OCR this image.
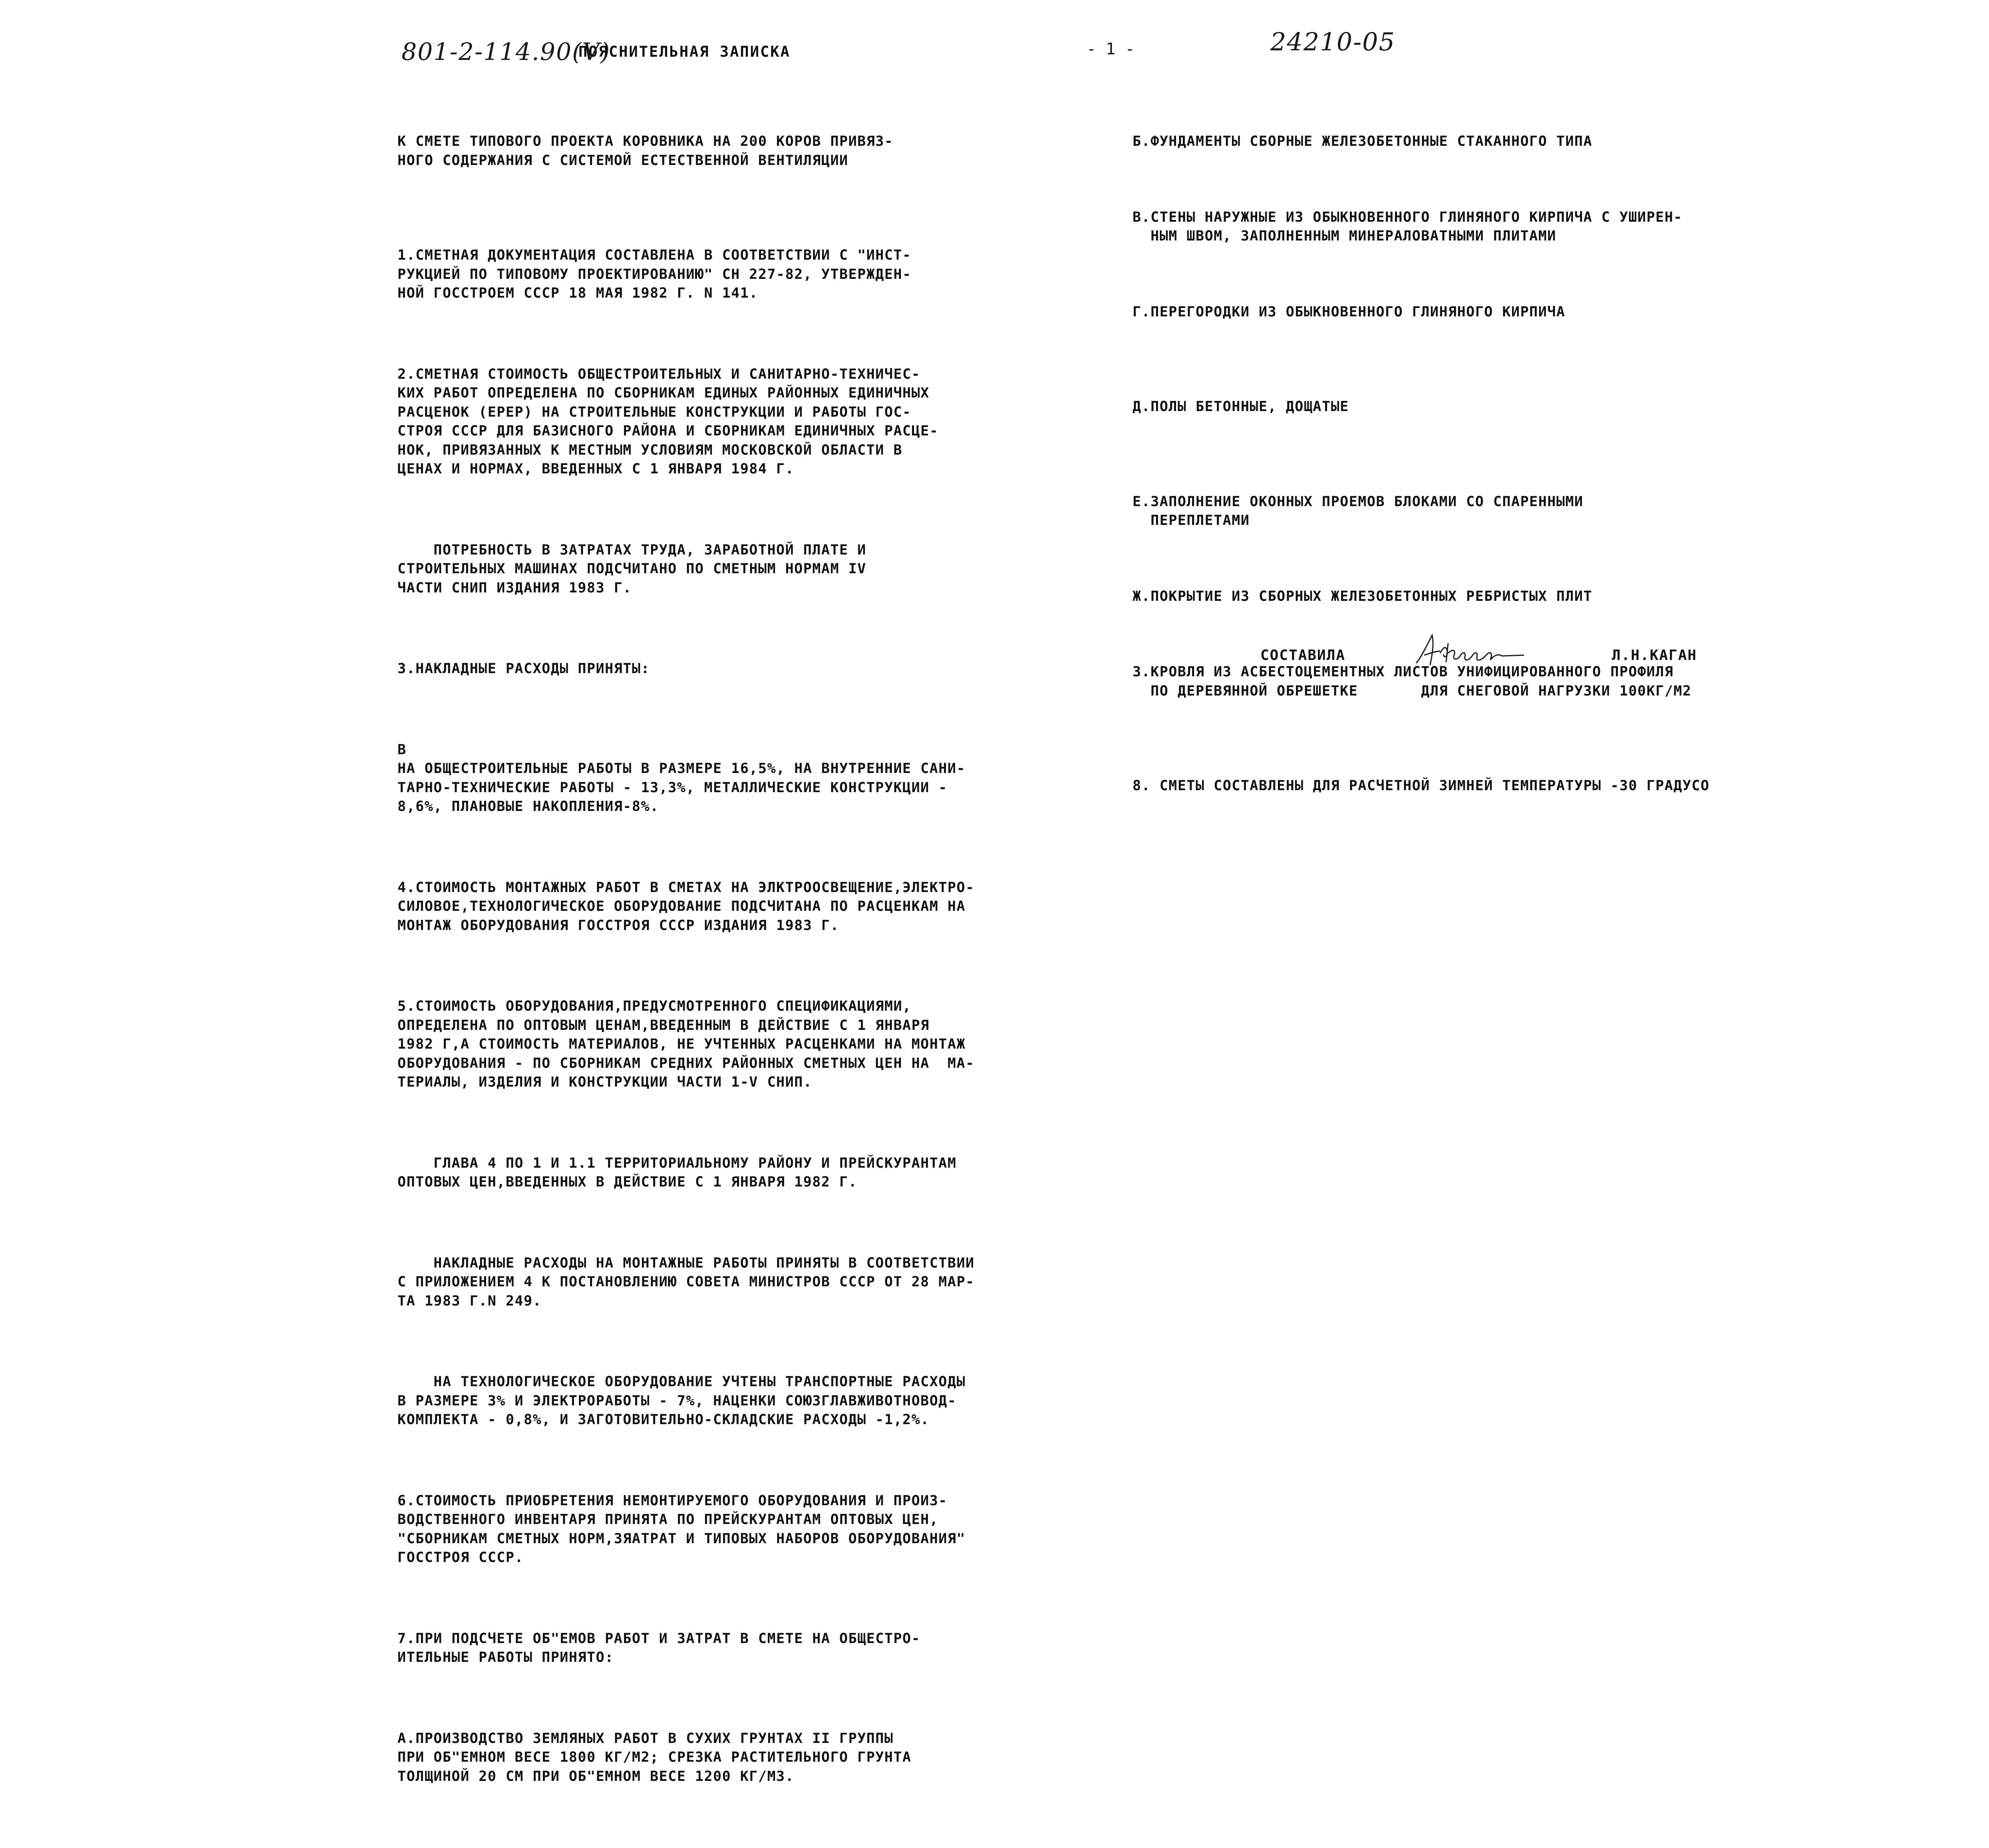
801-2-114.90(V)
ПОЯСНИТЕЛЬНАЯ ЗАПИСКА	- 1 -	24210-05

К СМЕТЕ ТИПОВОГО ПРОЕКТА КОРОВНИКА НА 200 КОРОВ ПРИВЯЗ-
НОГО СОДЕРЖАНИЯ С СИСТЕМОЙ ЕСТЕСТВЕННОЙ ВЕНТИЛЯЦИИ

1.СМЕТНАЯ ДОКУМЕНТАЦИЯ СОСТАВЛЕНА В СООТВЕТСТВИИ С "ИНСТ-
РУКЦИЕЙ ПО ТИПОВОМУ ПРОЕКТИРОВАНИЮ" СН 227-82, УТВЕРЖДЕН-
НОЙ ГОССТРОЕМ СССР 18 МАЯ 1982 Г. N 141.

2.СМЕТНАЯ СТОИМОСТЬ ОБЩЕСТРОИТЕЛЬНЫХ И САНИТАРНО-ТЕХНИЧЕС-
КИХ РАБОТ ОПРЕДЕЛЕНА ПО СБОРНИКАМ ЕДИНЫХ РАЙОННЫХ ЕДИНИЧНЫХ
РАСЦЕНОК (ЕРЕР) НА СТРОИТЕЛЬНЫЕ КОНСТРУКЦИИ И РАБОТЫ ГОС-
СТРОЯ СССР ДЛЯ БАЗИСНОГО РАЙОНА И СБОРНИКАМ ЕДИНИЧНЫХ РАСЦЕ-
НОК, ПРИВЯЗАННЫХ К МЕСТНЫМ УСЛОВИЯМ МОСКОВСКОЙ ОБЛАСТИ В
ЦЕНАХ И НОРМАХ, ВВЕДЕННЫХ С 1 ЯНВАРЯ 1984 Г.

ПОТРЕБНОСТЬ В ЗАТРАТАХ ТРУДА, ЗАРАБОТНОЙ ПЛАТЕ И
СТРОИТЕЛЬНЫХ МАШИНАХ ПОДСЧИТАНО ПО СМЕТНЫМ НОРМАМ IV
ЧАСТИ СНИП ИЗДАНИЯ 1983 Г.

3.НАКЛАДНЫЕ РАСХОДЫ ПРИНЯТЫ:

В
НА ОБЩЕСТРОИТЕЛЬНЫЕ РАБОТЫ В РАЗМЕРЕ 16,5%, НА ВНУТРЕННИЕ САНИ-
ТАРНО-ТЕХНИЧЕСКИЕ РАБОТЫ - 13,3%, МЕТАЛЛИЧЕСКИЕ КОНСТРУКЦИИ -
8,6%, ПЛАНОВЫЕ НАКОПЛЕНИЯ-8%.

4.СТОИМОСТЬ МОНТАЖНЫХ РАБОТ В СМЕТАХ НА ЭЛКТРООСВЕЩЕНИЕ,ЭЛЕКТРО-
СИЛОВОЕ,ТЕХНОЛОГИЧЕСКОЕ ОБОРУДОВАНИЕ ПОДСЧИТАНА ПО РАСЦЕНКАМ НА
МОНТАЖ ОБОРУДОВАНИЯ ГОССТРОЯ СССР ИЗДАНИЯ 1983 Г.

5.СТОИМОСТЬ ОБОРУДОВАНИЯ,ПРЕДУСМОТРЕННОГО СПЕЦИФИКАЦИЯМИ,
ОПРЕДЕЛЕНА ПО ОПТОВЫМ ЦЕНАМ,ВВЕДЕННЫМ В ДЕЙСТВИЕ С 1 ЯНВАРЯ
1982 Г,А СТОИМОСТЬ МАТЕРИАЛОВ, НЕ УЧТЕННЫХ РАСЦЕНКАМИ НА МОНТАЖ
ОБОРУДОВАНИЯ - ПО СБОРНИКАМ СРЕДНИХ РАЙОННЫХ СМЕТНЫХ ЦЕН НА  МА-
ТЕРИАЛЫ, ИЗДЕЛИЯ И КОНСТРУКЦИИ ЧАСТИ 1-V СНИП.

ГЛАВА 4 ПО 1 И 1.1 ТЕРРИТОРИАЛЬНОМУ РАЙОНУ И ПРЕЙСКУРАНТАМ
ОПТОВЫХ ЦЕН,ВВЕДЕННЫХ В ДЕЙСТВИЕ С 1 ЯНВАРЯ 1982 Г.

НАКЛАДНЫЕ РАСХОДЫ НА МОНТАЖНЫЕ РАБОТЫ ПРИНЯТЫ В СООТВЕТСТВИИ
С ПРИЛОЖЕНИЕМ 4 К ПОСТАНОВЛЕНИЮ СОВЕТА МИНИСТРОВ СССР ОТ 28 МАР-
ТА 1983 Г.N 249.

НА ТЕХНОЛОГИЧЕСКОЕ ОБОРУДОВАНИЕ УЧТЕНЫ ТРАНСПОРТНЫЕ РАСХОДЫ
В РАЗМЕРЕ 3% И ЭЛЕКТРОРАБОТЫ - 7%, НАЦЕНКИ СОЮЗГЛАВЖИВОТНОВОД-
КОМПЛЕКТА - 0,8%, И ЗАГОТОВИТЕЛЬНО-СКЛАДСКИЕ РАСХОДЫ -1,2%.

6.СТОИМОСТЬ ПРИОБРЕТЕНИЯ НЕМОНТИРУЕМОГО ОБОРУДОВАНИЯ И ПРОИЗ-
ВОДСТВЕННОГО ИНВЕНТАРЯ ПРИНЯТА ПО ПРЕЙСКУРАНТАМ ОПТОВЫХ ЦЕН,
"СБОРНИКАМ СМЕТНЫХ НОРМ,ЗЯАТРАТ И ТИПОВЫХ НАБОРОВ ОБОРУДОВАНИЯ"
ГОССТРОЯ СССР.

7.ПРИ ПОДСЧЕТЕ ОБ"ЕМОВ РАБОТ И ЗАТРАТ В СМЕТЕ НА ОБЩЕСТРО-
ИТЕЛЬНЫЕ РАБОТЫ ПРИНЯТО:

А.ПРОИЗВОДСТВО ЗЕМЛЯНЫХ РАБОТ В СУХИХ ГРУНТАХ II ГРУППЫ
ПРИ ОБ"ЕМНОМ ВЕСЕ 1800 КГ/М2; СРЕЗКА РАСТИТЕЛЬНОГО ГРУНТА
ТОЛЩИНОЙ 20 СМ ПРИ ОБ"ЕМНОМ ВЕСЕ 1200 КГ/М3.

Б.ФУНДАМЕНТЫ СБОРНЫЕ ЖЕЛЕЗОБЕТОННЫЕ СТАКАННОГО ТИПА

В.СТЕНЫ НАРУЖНЫЕ ИЗ ОБЫКНОВЕННОГО ГЛИНЯНОГО КИРПИЧА С УШИРЕН-
НЫМ ШВОМ, ЗАПОЛНЕННЫМ МИНЕРАЛОВАТНЫМИ ПЛИТАМИ

Г.ПЕРЕГОРОДКИ ИЗ ОБЫКНОВЕННОГО ГЛИНЯНОГО КИРПИЧА

Д.ПОЛЫ БЕТОННЫЕ, ДОЩАТЫЕ

Е.ЗАПОЛНЕНИЕ ОКОННЫХ ПРОЕМОВ БЛОКАМИ СО СПАРЕННЫМИ
ПЕРЕПЛЕТАМИ

Ж.ПОКРЫТИЕ ИЗ СБОРНЫХ ЖЕЛЕЗОБЕТОННЫХ РЕБРИСТЫХ ПЛИТ

З.КРОВЛЯ ИЗ АСБЕСТОЦЕМЕНТНЫХ ЛИСТОВ УНИФИЦИРОВАННОГО ПРОФИЛЯ
ПО ДЕРЕВЯННОЙ ОБРЕШЕТКЕ       ДЛЯ СНЕГОВОЙ НАГРУЗКИ 100КГ/М2

8. СМЕТЫ СОСТАВЛЕНЫ ДЛЯ РАСЧЕТНОЙ ЗИМНЕЙ ТЕМПЕРАТУРЫ -30 ГРАДУСО

СОСТАВИЛА	Л.Н.КАГАН
